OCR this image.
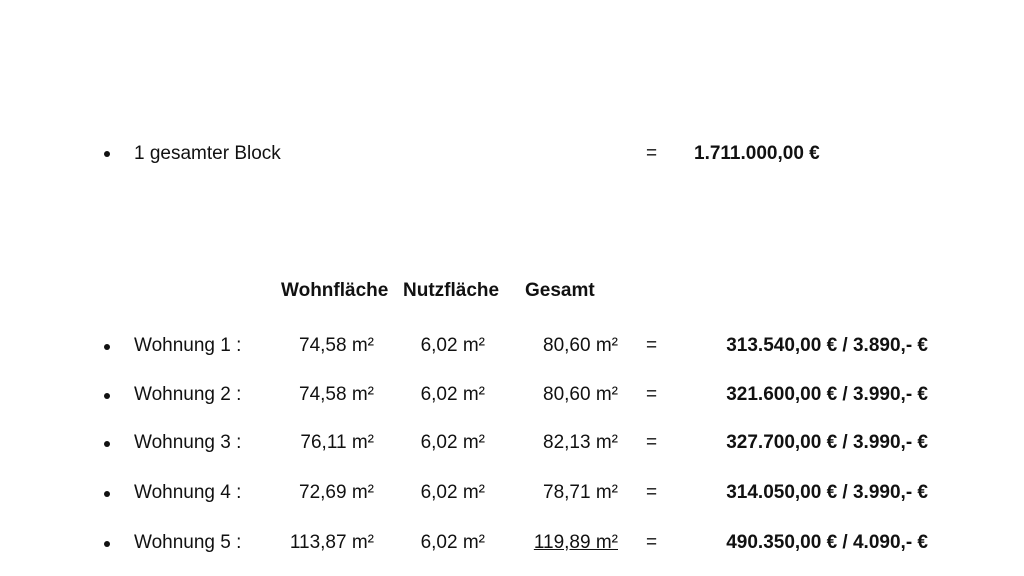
1 gesamter Block	= 1.711.000,00 €
Wohnfläche Nutzfläche Gesamt
Wohnung 1 :	74,58 m²	6,02 m²	80,60 m² =	313.540,00 € / 3.890,- €
Wohnung 2 :	74,58 m²	6,02 m²	80,60 m² =	321.600,00 € / 3.990,- €
Wohnung 3 :	76,11 m²	6,02 m²	82,13 m² =	327.700,00 € / 3.990,- €
Wohnung 4 :	72,69 m²	6,02 m²	78,71 m² =	314.050,00 € / 3.990,- €
Wohnung 5 :	113,87 m²	6,02 m²	119,89 m² =	490.350,00 € / 4.090,- €
